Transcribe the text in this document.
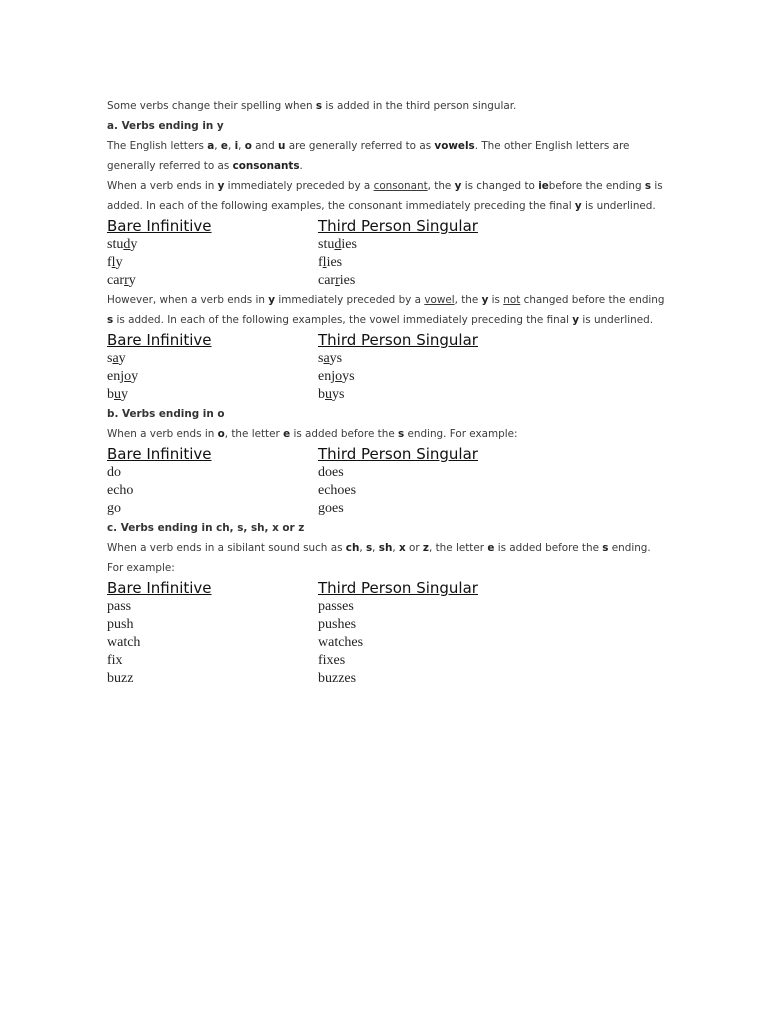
Some verbs change their spelling when s is added in the third person singular.

a. Verbs ending in y

The English letters a, e, i, o and u are generally referred to as vowels. The other English letters are generally referred to as consonants.

When a verb ends in y immediately preceded by a consonant, the y is changed to iebefore the ending s is added. In each of the following examples, the consonant immediately preceding the final y is underlined.

Bare Infinitive	Third Person Singular
study	studies
fly	flies
carry	carries

However, when a verb ends in y immediately preceded by a vowel, the y is not changed before the ending s is added. In each of the following examples, the vowel immediately preceding the final y is underlined.

Bare Infinitive	Third Person Singular
say	says
enjoy	enjoys
buy	buys

b. Verbs ending in o

When a verb ends in o, the letter e is added before the s ending. For example:

Bare Infinitive	Third Person Singular
do	does
echo	echoes
go	goes

c. Verbs ending in ch, s, sh, x or z

When a verb ends in a sibilant sound such as ch, s, sh, x or z, the letter e is added before the s ending. For example:

Bare Infinitive	Third Person Singular
pass	passes
push	pushes
watch	watches
fix	fixes
buzz	buzzes
